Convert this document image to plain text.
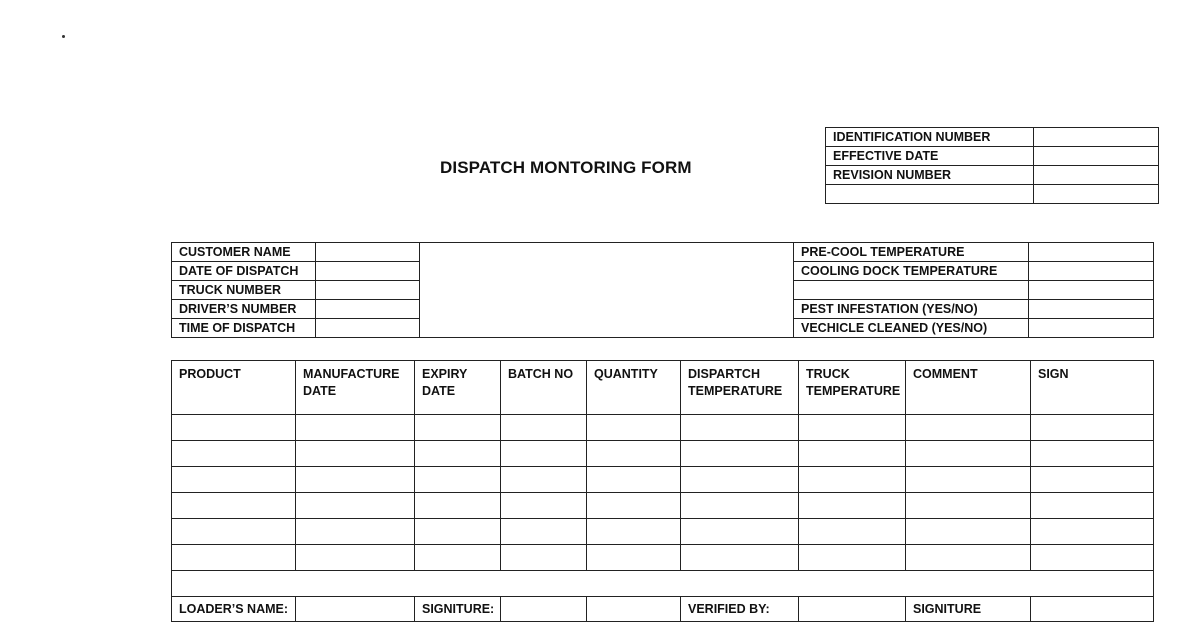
DISPATCH MONTORING FORM
IDENTIFICATION NUMBER	
EFFECTIVE DATE	
REVISION NUMBER	

CUSTOMER NAME			PRE-COOL TEMPERATURE	
DATE OF DISPATCH			COOLING DOCK TEMPERATURE	
TRUCK NUMBER				
DRIVER’S NUMBER			PEST INFESTATION (YES/NO)	
TIME OF DISPATCH			VECHICLE CLEANED (YES/NO)	
PRODUCT	MANUFACTURE DATE	EXPIRY DATE	BATCH NO	QUANTITY	DISPARTCH TEMPERATURE	TRUCK TEMPERATURE	COMMENT	SIGN

LOADER’S NAME:		SIGNITURE:			VERIFIED BY:		SIGNITURE	
